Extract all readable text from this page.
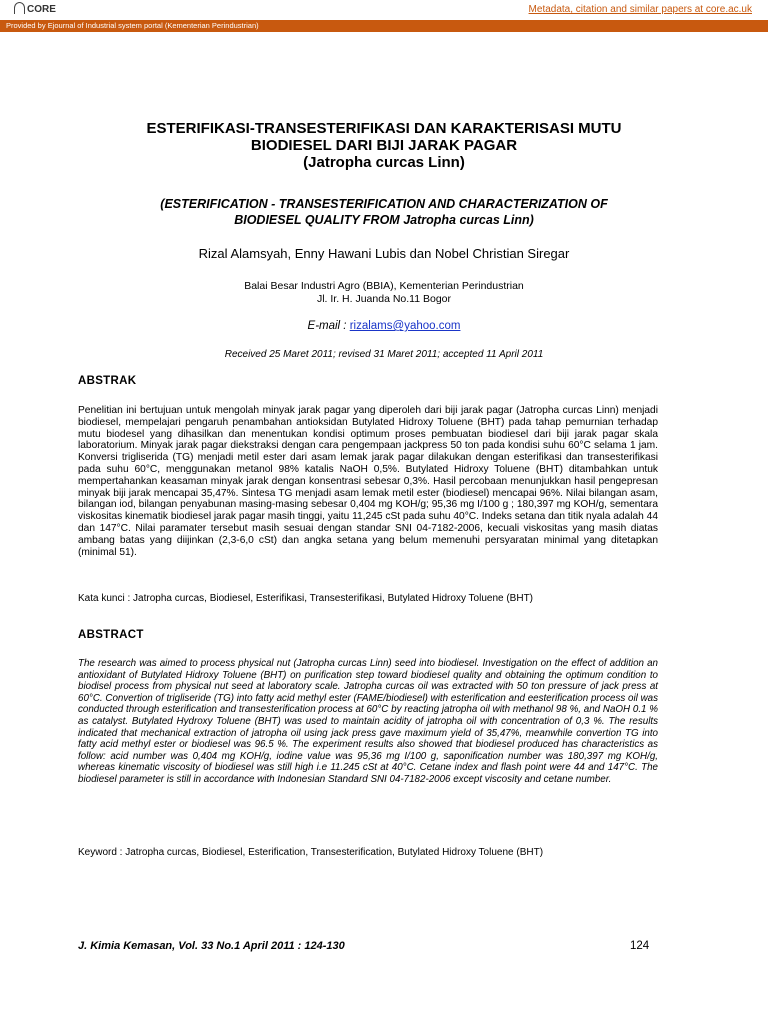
CORE	Metadata, citation and similar papers at core.ac.uk
Provided by Ejournal of Industrial system portal (Kementerian Perindustrian)
ESTERIFIKASI-TRANSESTERIFIKASI DAN KARAKTERISASI MUTU
BIODIESEL DARI BIJI JARAK PAGAR
(Jatropha curcas Linn)
(ESTERIFICATION - TRANSESTERIFICATION AND CHARACTERIZATION OF
BIODIESEL QUALITY FROM Jatropha curcas Linn)
Rizal Alamsyah, Enny Hawani Lubis dan Nobel Christian Siregar
Balai Besar Industri Agro (BBIA), Kementerian Perindustrian
Jl. Ir. H. Juanda No.11 Bogor
E-mail : rizalams@yahoo.com
Received 25 Maret 2011; revised 31 Maret 2011; accepted 11 April 2011
ABSTRAK
Penelitian ini bertujuan untuk mengolah minyak jarak pagar yang diperoleh dari biji jarak pagar (Jatropha curcas Linn) menjadi biodiesel, mempelajari pengaruh penambahan antioksidan Butylated Hidroxy Toluene (BHT) pada tahap pemurnian terhadap mutu biodesel yang dihasilkan dan menentukan kondisi optimum proses pembuatan biodiesel dari biji jarak pagar skala laboratorium. Minyak jarak pagar diekstraksi dengan cara pengempaan jackpress 50 ton pada kondisi suhu 60°C selama 1 jam. Konversi trigliserida (TG) menjadi metil ester dari asam lemak jarak pagar dilakukan dengan esterifikasi dan transesterifikasi pada suhu 60°C, menggunakan metanol 98% katalis NaOH 0,5%. Butylated Hidroxy Toluene (BHT) ditambahkan untuk mempertahankan keasaman minyak jarak dengan konsentrasi sebesar 0,3%. Hasil percobaan menunjukkan hasil pengepresan minyak biji jarak mencapai 35,47%. Sintesa TG menjadi asam lemak metil ester (biodiesel) mencapai 96%. Nilai bilangan asam, bilangan iod, bilangan penyabunan masing-masing sebesar 0,404 mg KOH/g; 95,36 mg I/100 g ; 180,397 mg KOH/g, sementara viskositas kinematik biodiesel jarak pagar masih tinggi, yaitu 11,245 cSt pada suhu 40°C. Indeks setana dan titik nyala adalah 44 dan 147°C. Nilai paramater tersebut masih sesuai dengan standar SNI 04-7182-2006, kecuali viskositas yang masih diatas ambang batas yang diijinkan (2,3-6,0 cSt) dan angka setana yang belum memenuhi persyaratan minimal yang ditetapkan (minimal 51).
Kata kunci : Jatropha curcas, Biodiesel, Esterifikasi, Transesterifikasi, Butylated Hidroxy Toluene (BHT)
ABSTRACT
The research was aimed to process physical nut (Jatropha curcas Linn) seed into biodiesel. Investigation on the effect of addition an antioxidant of Butylated Hidroxy Toluene (BHT) on purification step toward biodiesel quality and obtaining the optimum condition to biodisel process from physical nut seed at laboratory scale. Jatropha curcas oil was extracted with 50 ton pressure of jack press at 60°C. Convertion of trigliseride (TG) into fatty acid methyl ester (FAME/biodiesel) with esterification and eesterification process oil was conducted through esterification and transesterification process at 60°C by reacting jatropha oil with methanol 98 %, and NaOH 0.1 % as catalyst. Butylated Hydroxy Toluene (BHT) was used to maintain acidity of jatropha oil with concentration of 0,3 %. The results indicated that mechanical extraction of jatropha oil using jack press gave maximum yield of 35,47%, meanwhile convertion TG into fatty acid methyl ester or biodiesel was 96.5 %. The experiment results also showed that biodiesel produced has characteristics as follow: acid number was 0,404 mg KOH/g, iodine value was 95,36 mg I/100 g, saponification number was 180,397 mg KOH/g, whereas kinematic viscosity of biodiesel was still high i.e 11.245 cSt at 40°C. Cetane index and flash point were 44 and 147°C. The biodiesel parameter is still in accordance with Indonesian Standard SNI 04-7182-2006 except viscosity and cetane number.
Keyword : Jatropha curcas, Biodiesel, Esterification, Transesterification, Butylated Hidroxy Toluene (BHT)
J. Kimia Kemasan, Vol. 33 No.1 April 2011 : 124-130	124
